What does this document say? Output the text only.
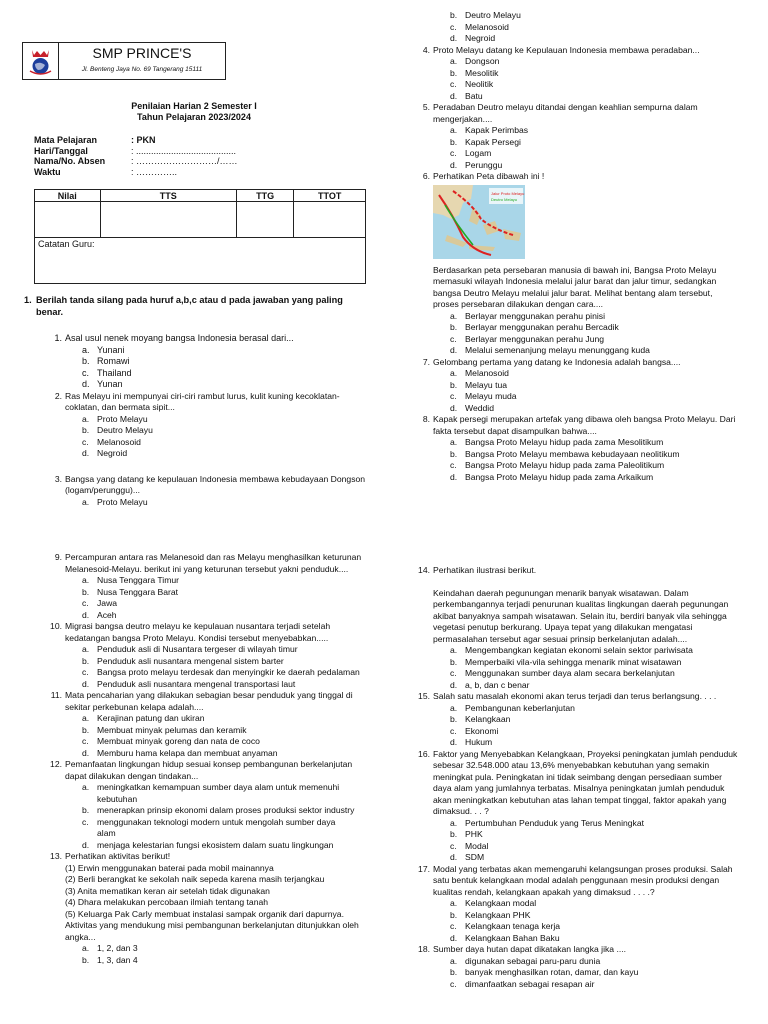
SMP PRINCE'S
Jl. Benteng Jaya No. 69 Tangerang 15111
Penilaian Harian 2 Semester I
Tahun Pelajaran 2023/2024
Mata Pelajaran	: PKN
Hari/Tanggal	: ........................................
Nama/No. Absen	: ………………………/……
Waktu	: …………..
Nilai	TTS	TTG	TTOT

Catatan Guru:			
1. Berilah tanda silang pada huruf a,b,c atau d pada jawaban yang paling benar.
1. Asal usul nenek moyang bangsa Indonesia berasal dari...
a. Yunani
b. Romawi
c. Thailand
d. Yunan
2. Ras Melayu ini mempunyai ciri-ciri rambut lurus, kulit kuning kecoklatan-coklatan, dan bermata sipit...
a. Proto Melayu
b. Deutro Melayu
c. Melanosoid
d. Negroid
3. Bangsa yang datang ke kepulauan Indonesia membawa kebudayaan Dongson (logam/perunggu)...
a. Proto Melayu
b. Deutro Melayu
c. Melanosoid
d. Negroid
4. Proto Melayu datang ke Kepulauan Indonesia membawa peradaban...
a. Dongson
b. Mesolitik
c. Neolitik
d. Batu
5. Peradaban Deutro melayu ditandai dengan keahlian sempurna dalam mengerjakan....
a. Kapak Perimbas
b. Kapak Persegi
c. Logam
d. Perunggu
6. Perhatikan Peta dibawah ini !
Jalur Proto Melayu
Deutro Melayu
Berdasarkan peta persebaran manusia di bawah ini, Bangsa Proto Melayu memasuki wilayah Indonesia melalui jalur barat dan jalur timur, sedangkan bangsa Deutro Melayu melalui jalur barat. Melihat bentang alam tersebut, proses persebaran dilakukan dengan cara....
a. Berlayar menggunakan perahu pinisi
b. Berlayar menggunakan perahu Bercadik
c. Berlayar menggunakan perahu Jung
d. Melalui semenanjung melayu menunggang kuda
7. Gelombang pertama yang datang ke Indonesia adalah bangsa....
a. Melanosoid
b. Melayu tua
c. Melayu muda
d. Weddid
8. Kapak persegi merupakan artefak yang dibawa oleh bangsa Proto Melayu. Dari fakta tersebut dapat disampulkan bahwa....
a. Bangsa Proto Melayu hidup pada zama Mesolitikum
b. Bangsa Proto Melayu membawa kebudayaan neolitikum
c. Bangsa Proto Melayu hidup pada zama Paleolitikum
d. Bangsa Proto Melayu hidup pada zama Arkaikum
9. Percampuran antara ras Melanesoid dan ras Melayu menghasilkan keturunan Melanesoid-Melayu. berikut ini yang keturunan tersebut yakni penduduk....
a. Nusa Tenggara Timur
b. Nusa Tenggara Barat
c. Jawa
d. Aceh
10. Migrasi bangsa deutro melayu ke kepulauan nusantara terjadi setelah kedatangan bangsa Proto Melayu. Kondisi tersebut menyebabkan.....
a. Penduduk asli di Nusantara tergeser di wilayah timur
b. Penduduk asli nusantara mengenal sistem barter
c. Bangsa proto melayu terdesak dan menyingkir ke daerah pedalaman
d. Penduduk asli nusantara mengenal transportasi laut
11. Mata pencaharian yang dilakukan sebagian besar penduduk yang tinggal di sekitar perkebunan kelapa adalah....
a. Kerajinan patung dan ukiran
b. Membuat minyak pelumas dan keramik
c. Membuat minyak goreng dan nata de coco
d. Memburu hama kelapa dan membuat anyaman
12. Pemanfaatan lingkungan hidup sesuai konsep pembangunan berkelanjutan dapat dilakukan dengan tindakan...
a. meningkatkan kemampuan sumber daya alam untuk memenuhi kebutuhan
b. menerapkan prinsip ekonomi dalam proses produksi sektor industry
c. menggunakan teknologi modern untuk mengolah sumber daya alam
d. menjaga kelestarian fungsi ekosistem dalam suatu lingkungan
13. Perhatikan aktivitas berikut!
(1) Erwin menggunakan baterai pada mobil mainannya
(2) Berli berangkat ke sekolah naik sepeda karena masih terjangkau
(3) Anita mematikan keran air setelah tidak digunakan
(4) Dhara melakukan percobaan ilmiah tentang tanah
(5) Keluarga Pak Carly membuat instalasi sampak organik dari dapurnya.
Aktivitas yang mendukung misi pembangunan berkelanjutan ditunjukkan oleh angka...
a. 1, 2, dan 3
b. 1, 3, dan 4
14. Perhatikan ilustrasi berikut.
Keindahan daerah pegunungan menarik banyak wisatawan. Dalam perkembangannya terjadi penurunan kualitas lingkungan daerah pegunungan akibat banyaknya sampah wisatawan. Selain itu, berdiri banyak vila sehingga vegetasi penutup berkurang. Upaya tepat yang dilakukan mengatasi permasalahan tersebut agar sesuai prinsip berkelanjutan adalah....
a. Mengembangkan kegiatan ekonomi selain sektor pariwisata
b. Memperbaiki vila-vila sehingga menarik minat wisatawan
c. Menggunakan sumber daya alam secara berkelanjutan
d. a, b, dan c benar
15. Salah satu masalah ekonomi akan terus terjadi dan terus berlangsung. . . .
a. Pembangunan keberlanjutan
b. Kelangkaan
c. Ekonomi
d. Hukum
16. Faktor yang Menyebabkan Kelangkaan, Proyeksi peningkatan jumlah penduduk sebesar 32.548.000 atau 13,6% menyebabkan kebutuhan yang semakin meningkat pula. Peningkatan ini tidak seimbang dengan persediaan sumber daya alam yang jumlahnya terbatas. Misalnya peningkatan jumlah penduduk akan meningkatkan kebutuhan atas lahan tempat tinggal, faktor apakah yang dimaksud. . . ?
a. Pertumbuhan Penduduk yang Terus Meningkat
b. PHK
c. Modal
d. SDM
17. Modal yang terbatas akan memengaruhi kelangsungan proses produksi. Salah satu bentuk kelangkaan modal adalah penggunaan mesin produksi dengan kualitas rendah, kelangkaan apakah yang dimaksud . . . .?
a. Kelangkaan modal
b. Kelangkaan PHK
c. Kelangkaan tenaga kerja
d. Kelangkaan Bahan Baku
18. Sumber daya hutan dapat dikatakan langka jika ....
a. digunakan sebagai paru-paru dunia
b. banyak menghasilkan rotan, damar, dan kayu
c. dimanfaatkan sebagai resapan air
